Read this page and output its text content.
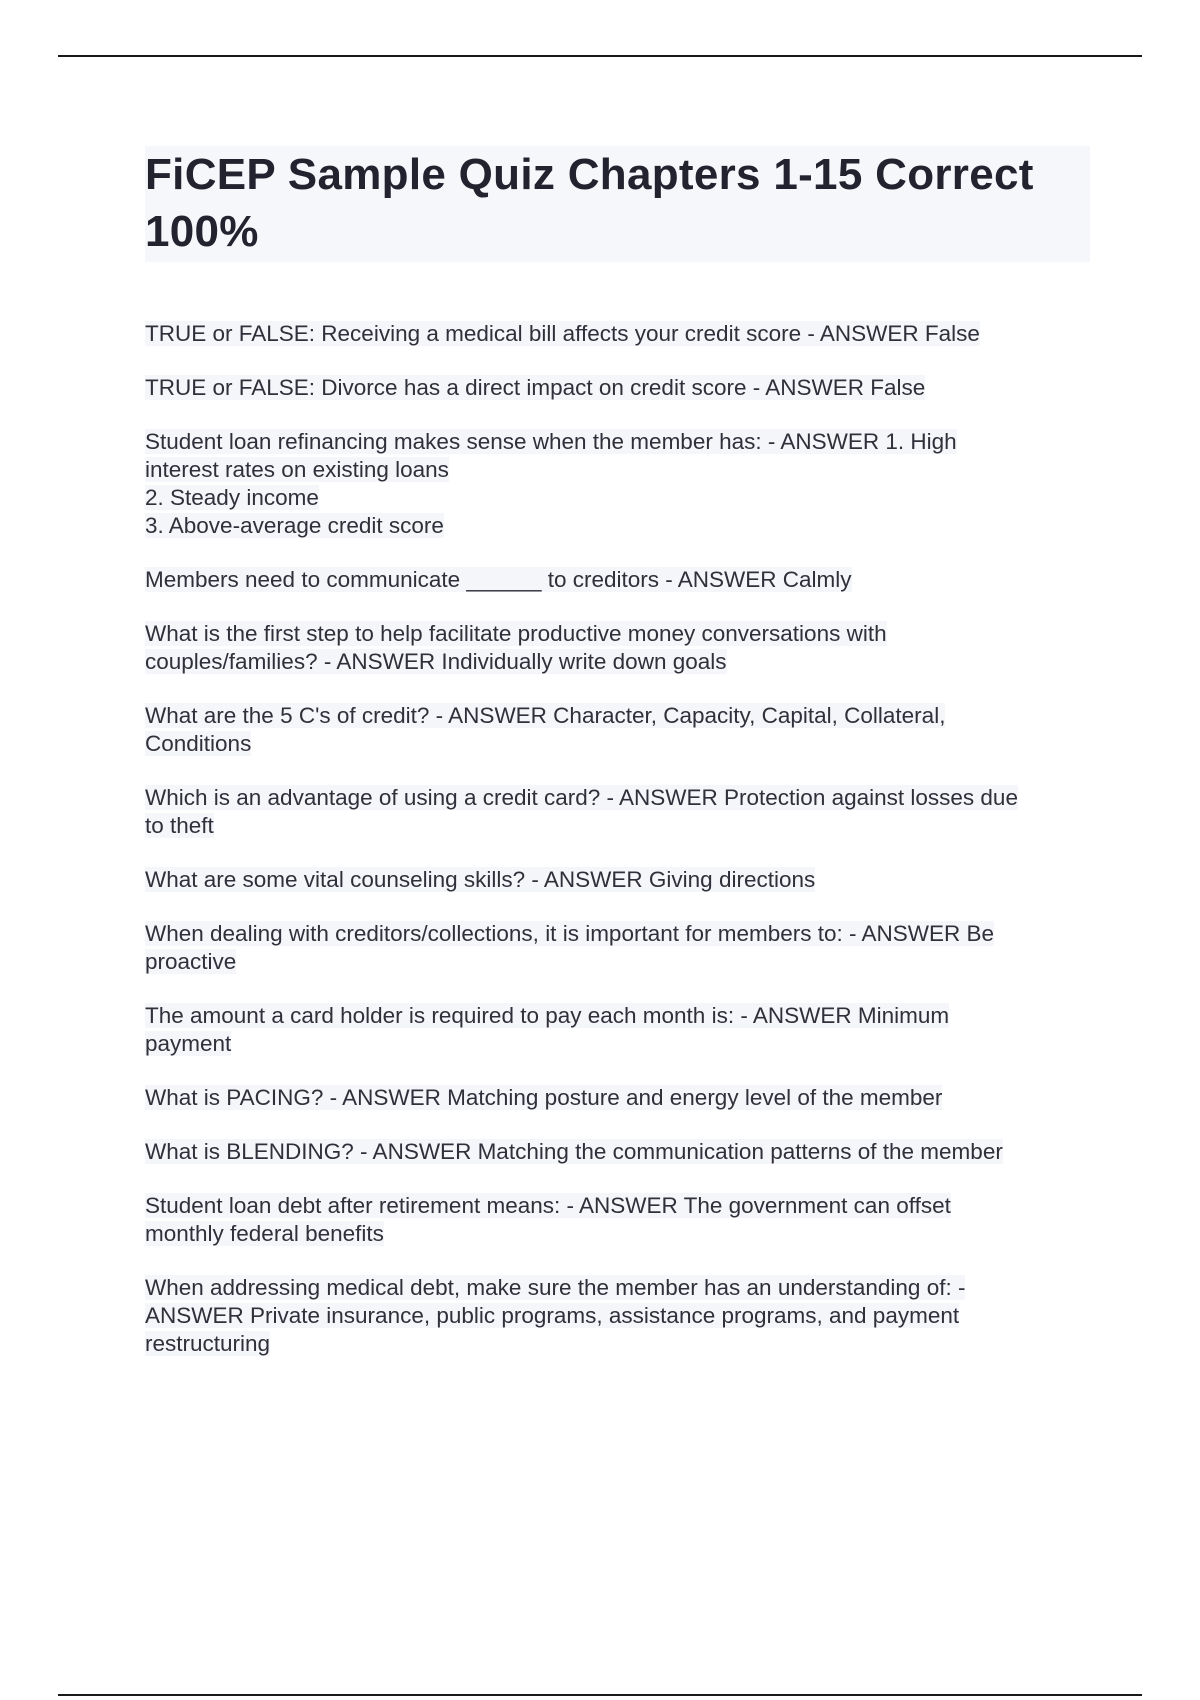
FiCEP Sample Quiz Chapters 1-15 Correct 100%
TRUE or FALSE: Receiving a medical bill affects your credit score - ANSWER False
TRUE or FALSE: Divorce has a direct impact on credit score - ANSWER False
Student loan refinancing makes sense when the member has: - ANSWER 1. High
interest rates on existing loans
2. Steady income
3. Above-average credit score
Members need to communicate ______ to creditors - ANSWER Calmly
What is the first step to help facilitate productive money conversations with
couples/families? - ANSWER Individually write down goals
What are the 5 C's of credit? - ANSWER Character, Capacity, Capital, Collateral,
Conditions
Which is an advantage of using a credit card? - ANSWER Protection against losses due
to theft
What are some vital counseling skills? - ANSWER Giving directions
When dealing with creditors/collections, it is important for members to: - ANSWER Be
proactive
The amount a card holder is required to pay each month is: - ANSWER Minimum
payment
What is PACING? - ANSWER Matching posture and energy level of the member
What is BLENDING? - ANSWER Matching the communication patterns of the member
Student loan debt after retirement means: - ANSWER The government can offset
monthly federal benefits
When addressing medical debt, make sure the member has an understanding of: -
ANSWER Private insurance, public programs, assistance programs, and payment
restructuring
